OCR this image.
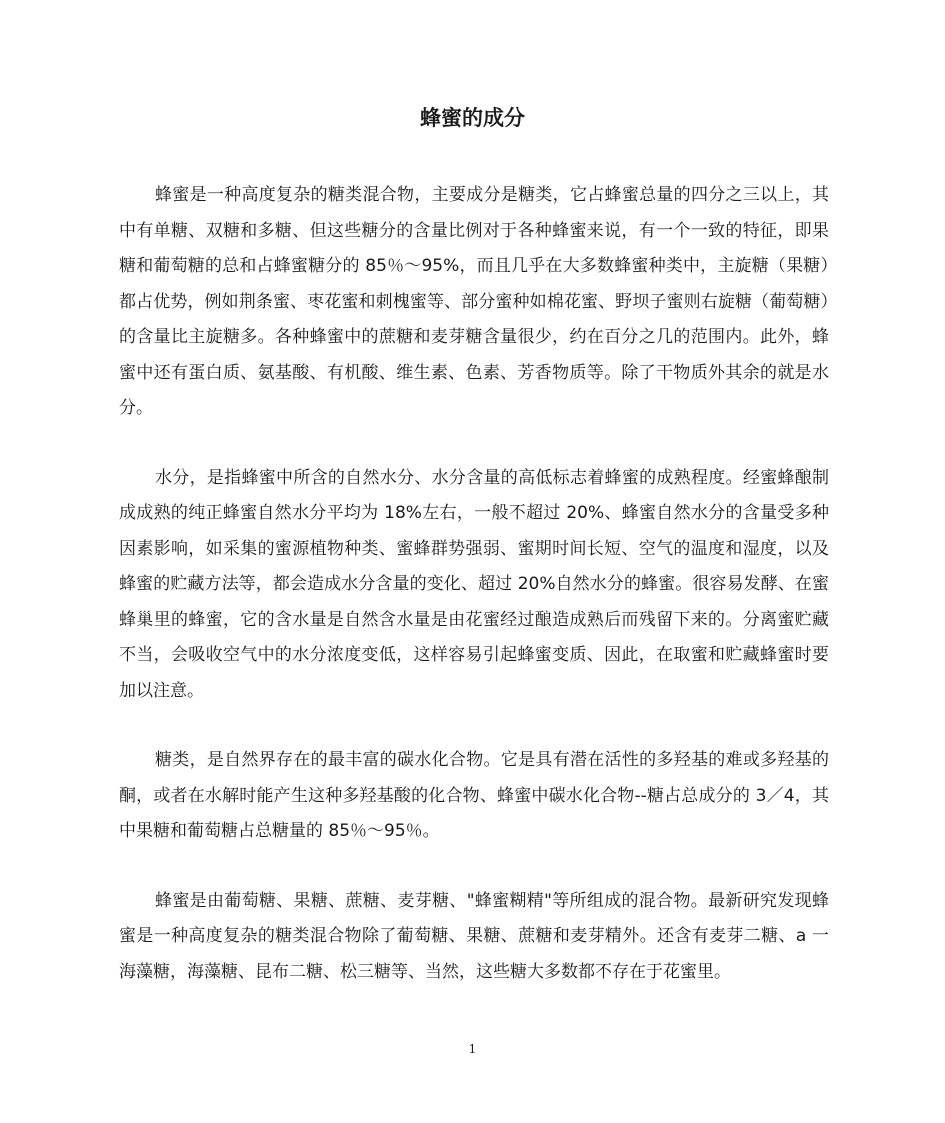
蜂蜜的成分

蜂蜜是一种高度复杂的糖类混合物，主要成分是糖类，它占蜂蜜总量的四分之三以上，其中有单糖、双糖和多糖、但这些糖分的含量比例对于各种蜂蜜来说，有一个一致的特征，即果糖和葡萄糖的总和占蜂蜜糖分的 85％～95%，而且几乎在大多数蜂蜜种类中，主旋糖（果糖）都占优势，例如荆条蜜、枣花蜜和刺槐蜜等、部分蜜种如棉花蜜、野坝子蜜则右旋糖（葡萄糖）的含量比主旋糖多。各种蜂蜜中的蔗糖和麦芽糖含量很少，约在百分之几的范围内。此外，蜂蜜中还有蛋白质、氨基酸、有机酸、维生素、色素、芳香物质等。除了干物质外其余的就是水分。

水分，是指蜂蜜中所含的自然水分、水分含量的高低标志着蜂蜜的成熟程度。经蜜蜂酿制成成熟的纯正蜂蜜自然水分平均为 18%左右，一般不超过 20%、蜂蜜自然水分的含量受多种因素影响，如采集的蜜源植物种类、蜜蜂群势强弱、蜜期时间长短、空气的温度和湿度，以及蜂蜜的贮藏方法等，都会造成水分含量的变化、超过 20%自然水分的蜂蜜。很容易发酵、在蜜蜂巢里的蜂蜜，它的含水量是自然含水量是由花蜜经过酿造成熟后而残留下来的。分离蜜贮藏不当，会吸收空气中的水分浓度变低，这样容易引起蜂蜜变质、因此，在取蜜和贮藏蜂蜜时要加以注意。

糖类，是自然界存在的最丰富的碳水化合物。它是具有潜在活性的多羟基的难或多羟基的酮，或者在水解时能产生这种多羟基酸的化合物、蜂蜜中碳水化合物--糖占总成分的 3／4，其中果糖和葡萄糖占总糖量的 85％～95％。

蜂蜜是由葡萄糖、果糖、蔗糖、麦芽糖、"蜂蜜糊精"等所组成的混合物。最新研究发现蜂蜜是一种高度复杂的糖类混合物除了葡萄糖、果糖、蔗糖和麦芽精外。还含有麦芽二糖、a 一海藻糖，海藻糖、昆布二糖、松三糖等、当然，这些糖大多数都不存在于花蜜里。

1
